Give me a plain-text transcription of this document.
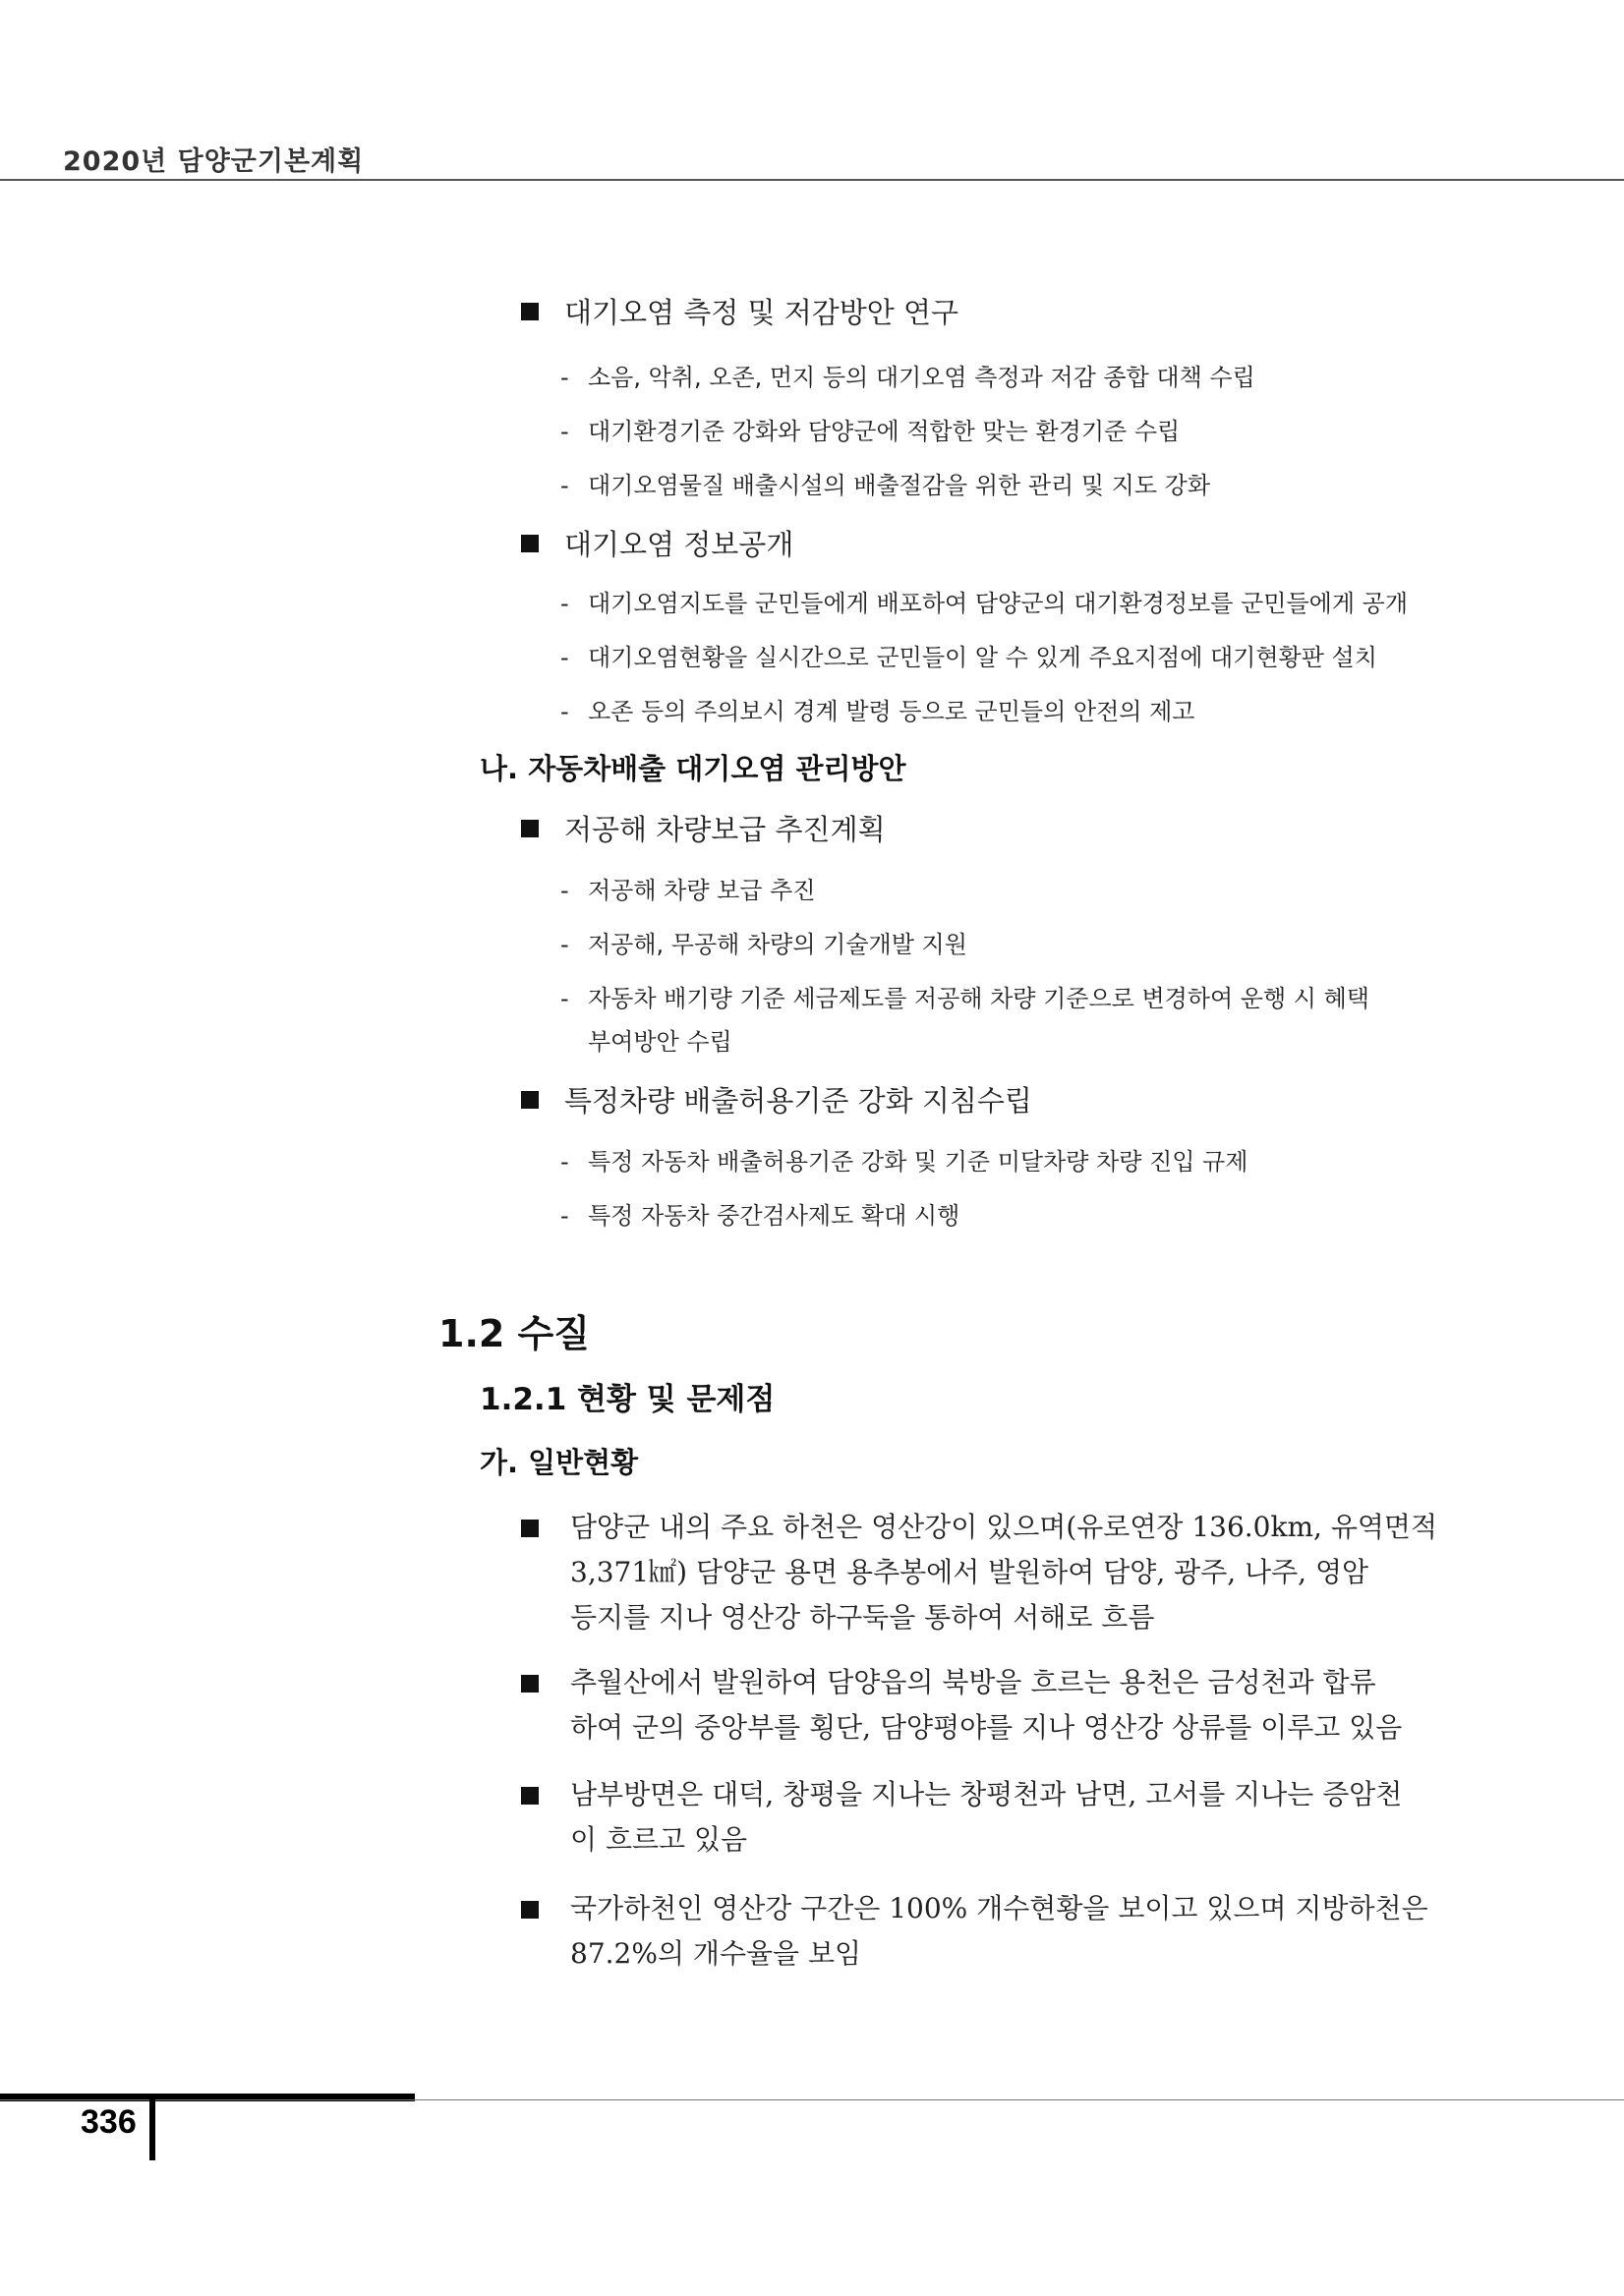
2020년 담양군기본계획
대기오염 측정 및 저감방안 연구
- 소음, 악취, 오존, 먼지 등의 대기오염 측정과 저감 종합 대책 수립
- 대기환경기준 강화와 담양군에 적합한 맞는 환경기준 수립
- 대기오염물질 배출시설의 배출절감을 위한 관리 및 지도 강화
대기오염 정보공개
- 대기오염지도를 군민들에게 배포하여 담양군의 대기환경정보를 군민들에게 공개
- 대기오염현황을 실시간으로 군민들이 알 수 있게 주요지점에 대기현황판 설치
- 오존 등의 주의보시 경계 발령 등으로 군민들의 안전의 제고
나. 자동차배출 대기오염 관리방안
저공해 차량보급 추진계획
- 저공해 차량 보급 추진
- 저공해, 무공해 차량의 기술개발 지원
- 자동차 배기량 기준 세금제도를 저공해 차량 기준으로 변경하여 운행 시 혜택
부여방안 수립
특정차량 배출허용기준 강화 지침수립
- 특정 자동차 배출허용기준 강화 및 기준 미달차량 차량 진입 규제
- 특정 자동차 중간검사제도 확대 시행
1.2 수질
1.2.1 현황 및 문제점
가. 일반현황
담양군 내의 주요 하천은 영산강이 있으며(유로연장 136.0km, 유역면적
3,371㎢) 담양군 용면 용추봉에서 발원하여 담양, 광주, 나주, 영암
등지를 지나 영산강 하구둑을 통하여 서해로 흐름
추월산에서 발원하여 담양읍의 북방을 흐르는 용천은 금성천과 합류
하여 군의 중앙부를 횡단, 담양평야를 지나 영산강 상류를 이루고 있음
남부방면은 대덕, 창평을 지나는 창평천과 남면, 고서를 지나는 증암천
이 흐르고 있음
국가하천인 영산강 구간은 100% 개수현황을 보이고 있으며 지방하천은
87.2%의 개수율을 보임
336
